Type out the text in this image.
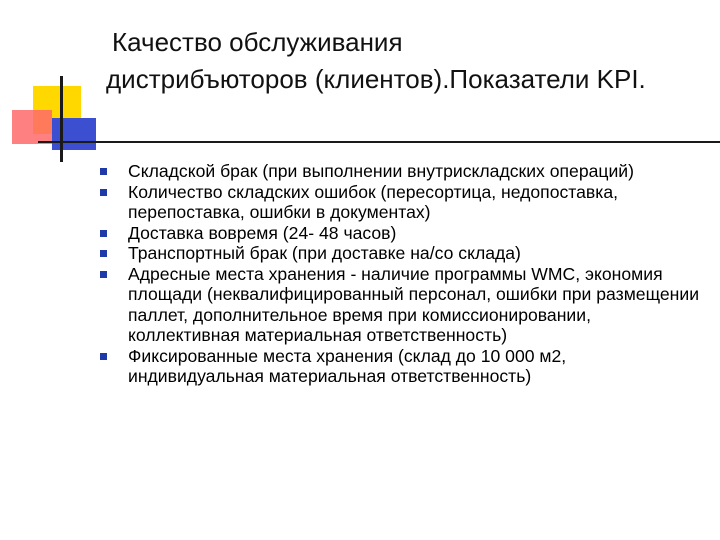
Качество обслуживания
дистрибъюторов (клиентов).Показатели KPI.
Складской брак (при выполнении внутрискладских операций)
Количество складских ошибок (пересортица, недопоставка, перепоставка, ошибки в документах)
Доставка вовремя (24- 48 часов)
Транспортный брак (при доставке на/со склада)
Адресные места хранения - наличие программы WMC, экономия площади (неквалифицированный персонал, ошибки при размещении паллет, дополнительное время при комиссионировании, коллективная материальная ответственность)
Фиксированные места хранения (склад до 10 000 м2, индивидуальная материальная ответственность)
